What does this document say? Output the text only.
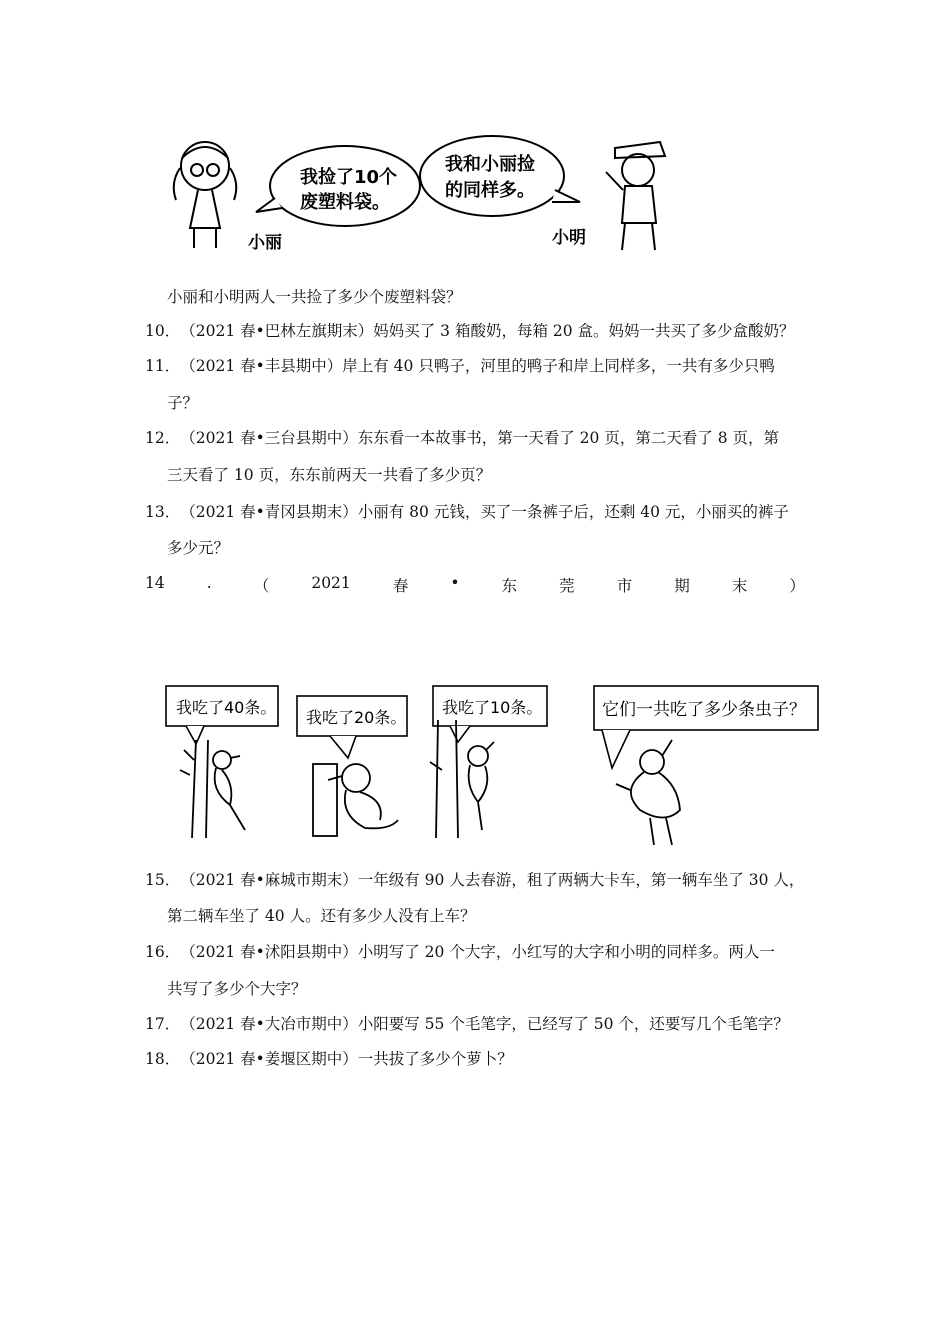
小丽
我捡了10个
废塑料袋。
我和小丽捡
的同样多。
小明
小丽和小明两人一共捡了多少个废塑料袋？
10．（2021 春•巴林左旗期末）妈妈买了 3 箱酸奶，每箱 20 盒。妈妈一共买了多少盒酸奶？
11．（2021 春•丰县期中）岸上有 40 只鸭子，河里的鸭子和岸上同样多，一共有多少只鸭
子？
12．（2021 春•三台县期中）东东看一本故事书，第一天看了 20 页，第二天看了 8 页，第
三天看了 10 页，东东前两天一共看了多少页？
13．（2021 春•青冈县期末）小丽有 80 元钱，买了一条裤子后，还剩 40 元，小丽买的裤子
多少元？
14	.	（	2021	春	•	东	莞	市	期	末	）
我吃了40条。
我吃了20条。
我吃了10条。	它们一共吃了多少条虫子？
15．（2021 春•麻城市期末）一年级有 90 人去春游，租了两辆大卡车，第一辆车坐了 30 人，
第二辆车坐了 40 人。还有多少人没有上车？
16．（2021 春•沭阳县期中）小明写了 20 个大字，小红写的大字和小明的同样多。两人一
共写了多少个大字？
17．（2021 春•大冶市期中）小阳要写 55 个毛笔字，已经写了 50 个，还要写几个毛笔字？
18．（2021 春•姜堰区期中）一共拔了多少个萝卜？
